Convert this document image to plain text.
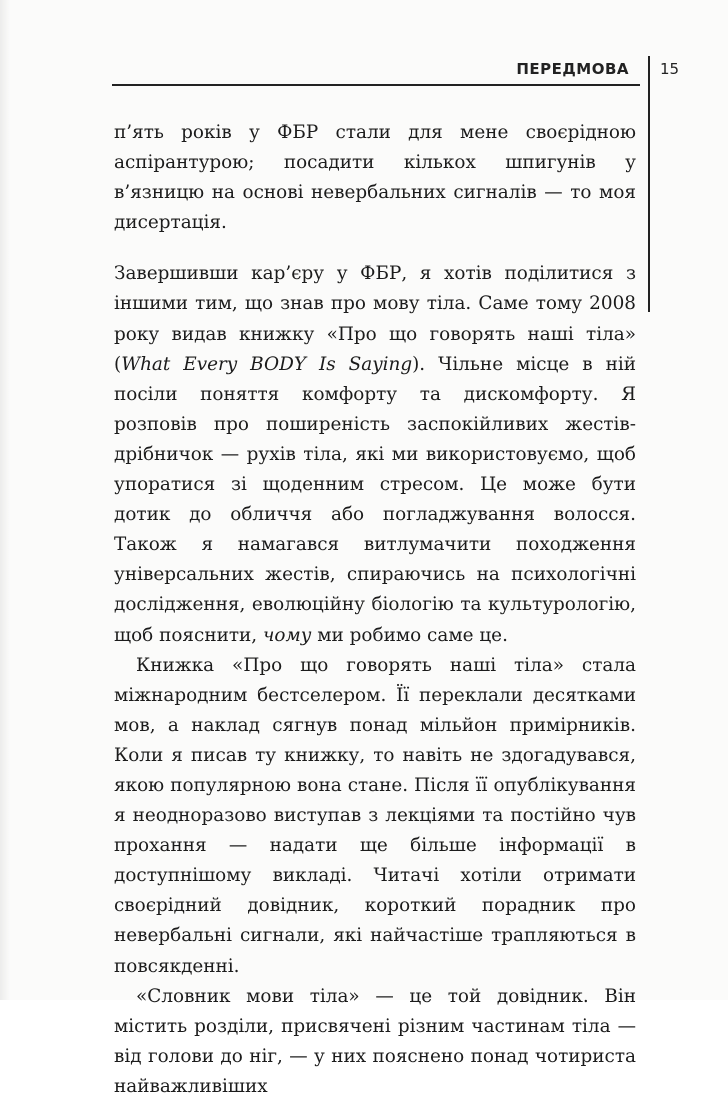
ПЕРЕДМОВА 15

п’ять років у ФБР стали для мене своєрідною аспірантурою; посадити кількох шпигунів у в’язницю на основі невербальних сигналів — то моя дисертація.

Завершивши кар’єру у ФБР, я хотів поділитися з іншими тим, що знав про мову тіла. Саме тому 2008 року видав книжку «Про що говорять наші тіла» (What Every BODY Is Saying). Чільне місце в ній посіли поняття комфорту та дискомфорту. Я розповів про поширеність заспокійливих жестів-дрібничок — рухів тіла, які ми використовуємо, щоб упоратися зі щоденним стресом. Це може бути дотик до обличчя або погладжування волосся. Також я намагався витлумачити походження універсальних жестів, спираючись на психологічні дослідження, еволюційну біологію та культурологію, щоб пояснити, чому ми робимо саме це.

Книжка «Про що говорять наші тіла» стала міжнародним бестселером. Її переклали десятками мов, а наклад сягнув понад мільйон примірників. Коли я писав ту книжку, то навіть не здогадувався, якою популярною вона стане. Після її опублікування я неодноразово виступав з лекціями та постійно чув прохання — надати ще більше інформації в доступнішому викладі. Читачі хотіли отримати своєрідний довідник, короткий порадник про невербальні сигнали, які найчастіше трапляються в повсякденні.

«Словник мови тіла» — це той довідник. Він містить розділи, присвячені різним частинам тіла — від голови до ніг, — у них пояснено понад чотириста найважливіших
